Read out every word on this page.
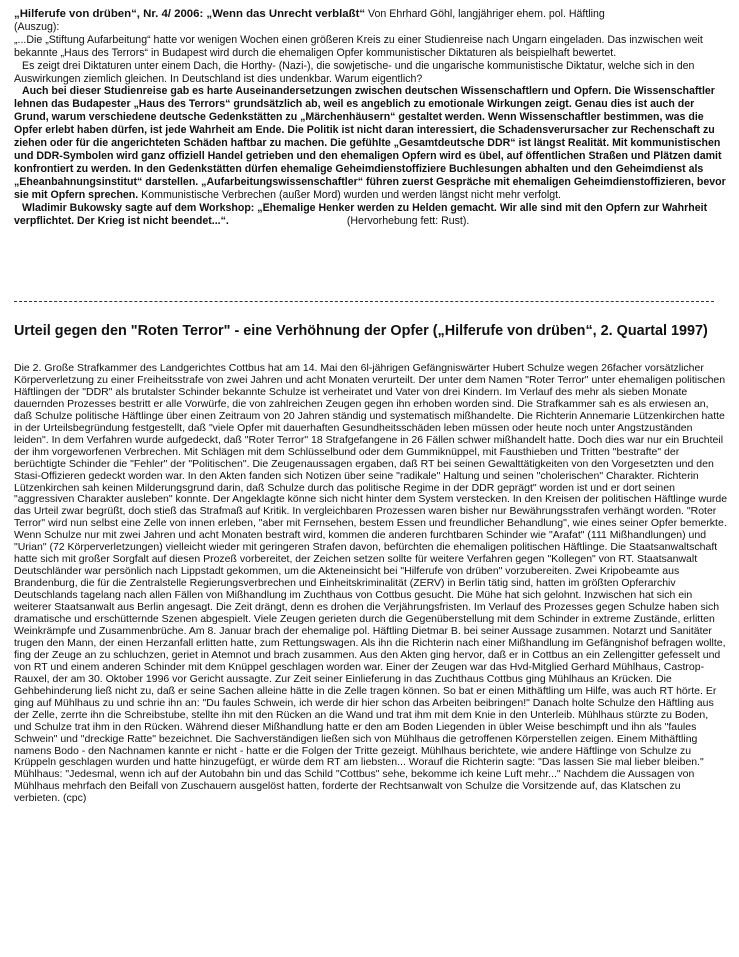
„Hilferufe von drüben“, Nr. 4/ 2006: „Wenn das Unrecht verblaßt“ Von Ehrhard Göhl, langjähriger ehem. pol. Häftling

(Auszug):

„...Die „Stiftung Aufarbeitung“ hatte vor wenigen Wochen einen größeren Kreis zu einer Studienreise nach Ungarn eingeladen. Das inzwischen weit bekannte „Haus des Terrors“ in Budapest wird durch die ehemaligen Opfer kommunistischer Diktaturen als beispielhaft bewertet.

Es zeigt drei Diktaturen unter einem Dach, die Horthy- (Nazi-), die sowjetische- und die ungarische kommunistische Diktatur, welche sich in den Auswirkungen ziemlich gleichen. In Deutschland ist dies undenkbar. Warum eigentlich?

Auch bei dieser Studienreise gab es harte Auseinandersetzungen zwischen deutschen Wissenschaftlern und Opfern. Die Wissenschaftler lehnen das Budapester „Haus des Terrors“ grundsätzlich ab, weil es angeblich zu emotionale Wirkungen zeigt. Genau dies ist auch der Grund, warum verschiedene deutsche Gedenkstätten zu „Märchenhäusern“ gestaltet werden. Wenn Wissenschaftler bestimmen, was die Opfer erlebt haben dürfen, ist jede Wahrheit am Ende. Die Politik ist nicht daran interessiert, die Schadensverursacher zur Rechenschaft zu ziehen oder für die angerichteten Schäden haftbar zu machen. Die gefühlte „Gesamtdeutsche DDR“ ist längst Realität. Mit kommunistischen und DDR-Symbolen wird ganz offiziell Handel getrieben und den ehemaligen Opfern wird es übel, auf öffentlichen Straßen und Plätzen damit konfrontiert zu werden. In den Gedenkstätten dürfen ehemalige Geheimdienstoffiziere Buchlesungen abhalten und den Geheimdienst als „Eheanbahnungsinstitut“ darstellen. „Aufarbeitungswissenschaftler“ führen zuerst Gespräche mit ehemaligen Geheimdienstoffizieren, bevor sie mit Opfern sprechen. Kommunistische Verbrechen (außer Mord) wurden und werden längst nicht mehr verfolgt.

Wladimir Bukowsky sagte auf dem Workshop: „Ehemalige Henker werden zu Helden gemacht. Wir alle sind mit den Opfern zur Wahrheit verpflichtet. Der Krieg ist nicht beendet...“.	(Hervorhebung fett: Rust).

Urteil gegen den "Roten Terror" - eine Verhöhnung der Opfer („Hilferufe von drüben“, 2. Quartal 1997)

Die 2. Große Strafkammer des Landgerichtes Cottbus hat am 14. Mai den 6l-jährigen Gefängniswärter Hubert Schulze wegen 26facher vorsätzlicher Körperverletzung zu einer Freiheitsstrafe von zwei Jahren und acht Monaten verurteilt. Der unter dem Namen "Roter Terror" unter ehemaligen politischen Häftlingen der "DDR" als brutalster Schinder bekannte Schulze ist verheiratet und Vater von drei Kindern. Im Verlauf des mehr als sieben Monate dauernden Prozesses bestritt er alle Vorwürfe, die von zahlreichen Zeugen gegen ihn erhoben worden sind. Die Strafkammer sah es als erwiesen an, daß Schulze politische Häftlinge über einen Zeitraum von 20 Jahren ständig und systematisch mißhandelte. Die Richterin Annemarie Lützenkirchen hatte in der Urteilsbegründung festgestellt, daß "viele Opfer mit dauerhaften Gesundheitsschäden leben müssen oder heute noch unter Angstzuständen leiden". In dem Verfahren wurde aufgedeckt, daß "Roter Terror" 18 Strafgefangene in 26 Fällen schwer mißhandelt hatte. Doch dies war nur ein Bruchteil der ihm vorgeworfenen Verbrechen. Mit Schlägen mit dem Schlüsselbund oder dem Gummiknüppel, mit Fausthieben und Tritten "bestrafte" der berüchtigte Schinder die "Fehler" der "Politischen". Die Zeugenaussagen ergaben, daß RT bei seinen Gewalttätigkeiten von den Vorgesetzten und den Stasi-Offizieren gedeckt worden war. In den Akten fanden sich Notizen über seine "radikale" Haltung und seinen "cholerischen" Charakter. Richterin Lützenkirchen sah keinen Milderungsgrund darin, daß Schulze durch das politische Regime in der DDR geprägt" worden ist und er dort seinen "aggressiven Charakter ausleben" konnte. Der Angeklagte könne sich nicht hinter dem System verstecken. In den Kreisen der politischen Häftlinge wurde das Urteil zwar begrüßt, doch stieß das Strafmaß auf Kritik. In vergleichbaren Prozessen waren bisher nur Bewährungsstrafen verhängt worden. "Roter Terror" wird nun selbst eine Zelle von innen erleben, "aber mit Fernsehen, bestem Essen und freundlicher Behandlung", wie eines seiner Opfer bemerkte. Wenn Schulze nur mit zwei Jahren und acht Monaten bestraft wird, kommen die anderen furchtbaren Schinder wie "Arafat" (111 Mißhandlungen) und "Urian" (72 Körperverletzungen) vielleicht wieder mit geringeren Strafen davon, befürchten die ehemaligen politischen Häftlinge. Die Staatsanwaltschaft hatte sich mit großer Sorgfalt auf diesen Prozeß vorbereitet, der Zeichen setzen sollte für weitere Verfahren gegen "Kollegen" von RT. Staatsanwalt Deutschländer war persönlich nach Lippstadt gekommen, um die Akteneinsicht bei "Hilferufe von drüben" vorzubereiten. Zwei Kripobeamte aus Brandenburg, die für die Zentralstelle Regierungsverbrechen und Einheitskriminalität (ZERV) in Berlin tätig sind, hatten im größten Opferarchiv Deutschlands tagelang nach allen Fällen von Mißhandlung im Zuchthaus von Cottbus gesucht. Die Mühe hat sich gelohnt. Inzwischen hat sich ein weiterer Staatsanwalt aus Berlin angesagt. Die Zeit drängt, denn es drohen die Verjährungsfristen. Im Verlauf des Prozesses gegen Schulze haben sich dramatische und erschütternde Szenen abgespielt. Viele Zeugen gerieten durch die Gegenüberstellung mit dem Schinder in extreme Zustände, erlitten Weinkrämpfe und Zusammenbrüche. Am 8. Januar brach der ehemalige pol. Häftling Dietmar B. bei seiner Aussage zusammen. Notarzt und Sanitäter trugen den Mann, der einen Herzanfall erlitten hatte, zum Rettungswagen. Als ihn die Richterin nach einer Mißhandlung im Gefängnishof befragen wollte, fing der Zeuge an zu schluchzen, geriet in Atemnot und brach zusammen. Aus den Akten ging hervor, daß er in Cottbus an ein Zellengitter gefesselt und von RT und einem anderen Schinder mit dem Knüppel geschlagen worden war. Einer der Zeugen war das Hvd-Mitglied Gerhard Mühlhaus, Castrop-Rauxel, der am 30. Oktober 1996 vor Gericht aussagte. Zur Zeit seiner Einlieferung in das Zuchthaus Cottbus ging Mühlhaus an Krücken. Die Gehbehinderung ließ nicht zu, daß er seine Sachen alleine hätte in die Zelle tragen können. So bat er einen Mithäftling um Hilfe, was auch RT hörte. Er ging auf Mühlhaus zu und schrie ihn an: "Du faules Schwein, ich werde dir hier schon das Arbeiten beibringen!" Danach holte Schulze den Häftling aus der Zelle, zerrte ihn die Schreibstube, stellte ihn mit den Rücken an die Wand und trat ihm mit dem Knie in den Unterleib. Mühlhaus stürzte zu Boden, und Schulze trat ihm in den Rücken. Während dieser Mißhandlung hatte er den am Boden Liegenden in übler Weise beschimpft und ihn als "faules Schwein" und "dreckige Ratte" bezeichnet. Die Sachverständigen ließen sich von Mühlhaus die getroffenen Körperstellen zeigen. Einem Mithäftling namens Bodo - den Nachnamen kannte er nicht - hatte er die Folgen der Tritte gezeigt. Mühlhaus berichtete, wie andere Häftlinge von Schulze zu Krüppeln geschlagen wurden und hatte hinzugefügt, er würde dem RT am liebsten... Worauf die Richterin sagte: "Das lassen Sie mal lieber bleiben." Mühlhaus: "Jedesmal, wenn ich auf der Autobahn bin und das Schild "Cottbus" sehe, bekomme ich keine Luft mehr..." Nachdem die Aussagen von Mühlhaus mehrfach den Beifall von Zuschauern ausgelöst hatten, forderte der Rechtsanwalt von Schulze die Vorsitzende auf, das Klatschen zu verbieten. (cpc)
